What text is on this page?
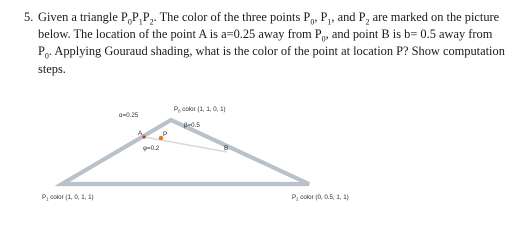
5. Given a triangle $P_0P_1P_2$. The color of the three points $P_0$, $P_1$, and $P_2$ are marked on the picture
below. The location of the point A is a=0.25 away from $P_0$, and point B is b= 0.5 away from
$P_0$. Applying Gouraud shading, what is the color of the point at location P? Show computation
steps.
$P_0$ color (1, 1, 0, 1)
$P_1$ color (1, 0, 1, 1)	$P_2$ color (0, 0.5, 1, 1)
α=0.25
β=0.5
φ=0.2
A	P
B
